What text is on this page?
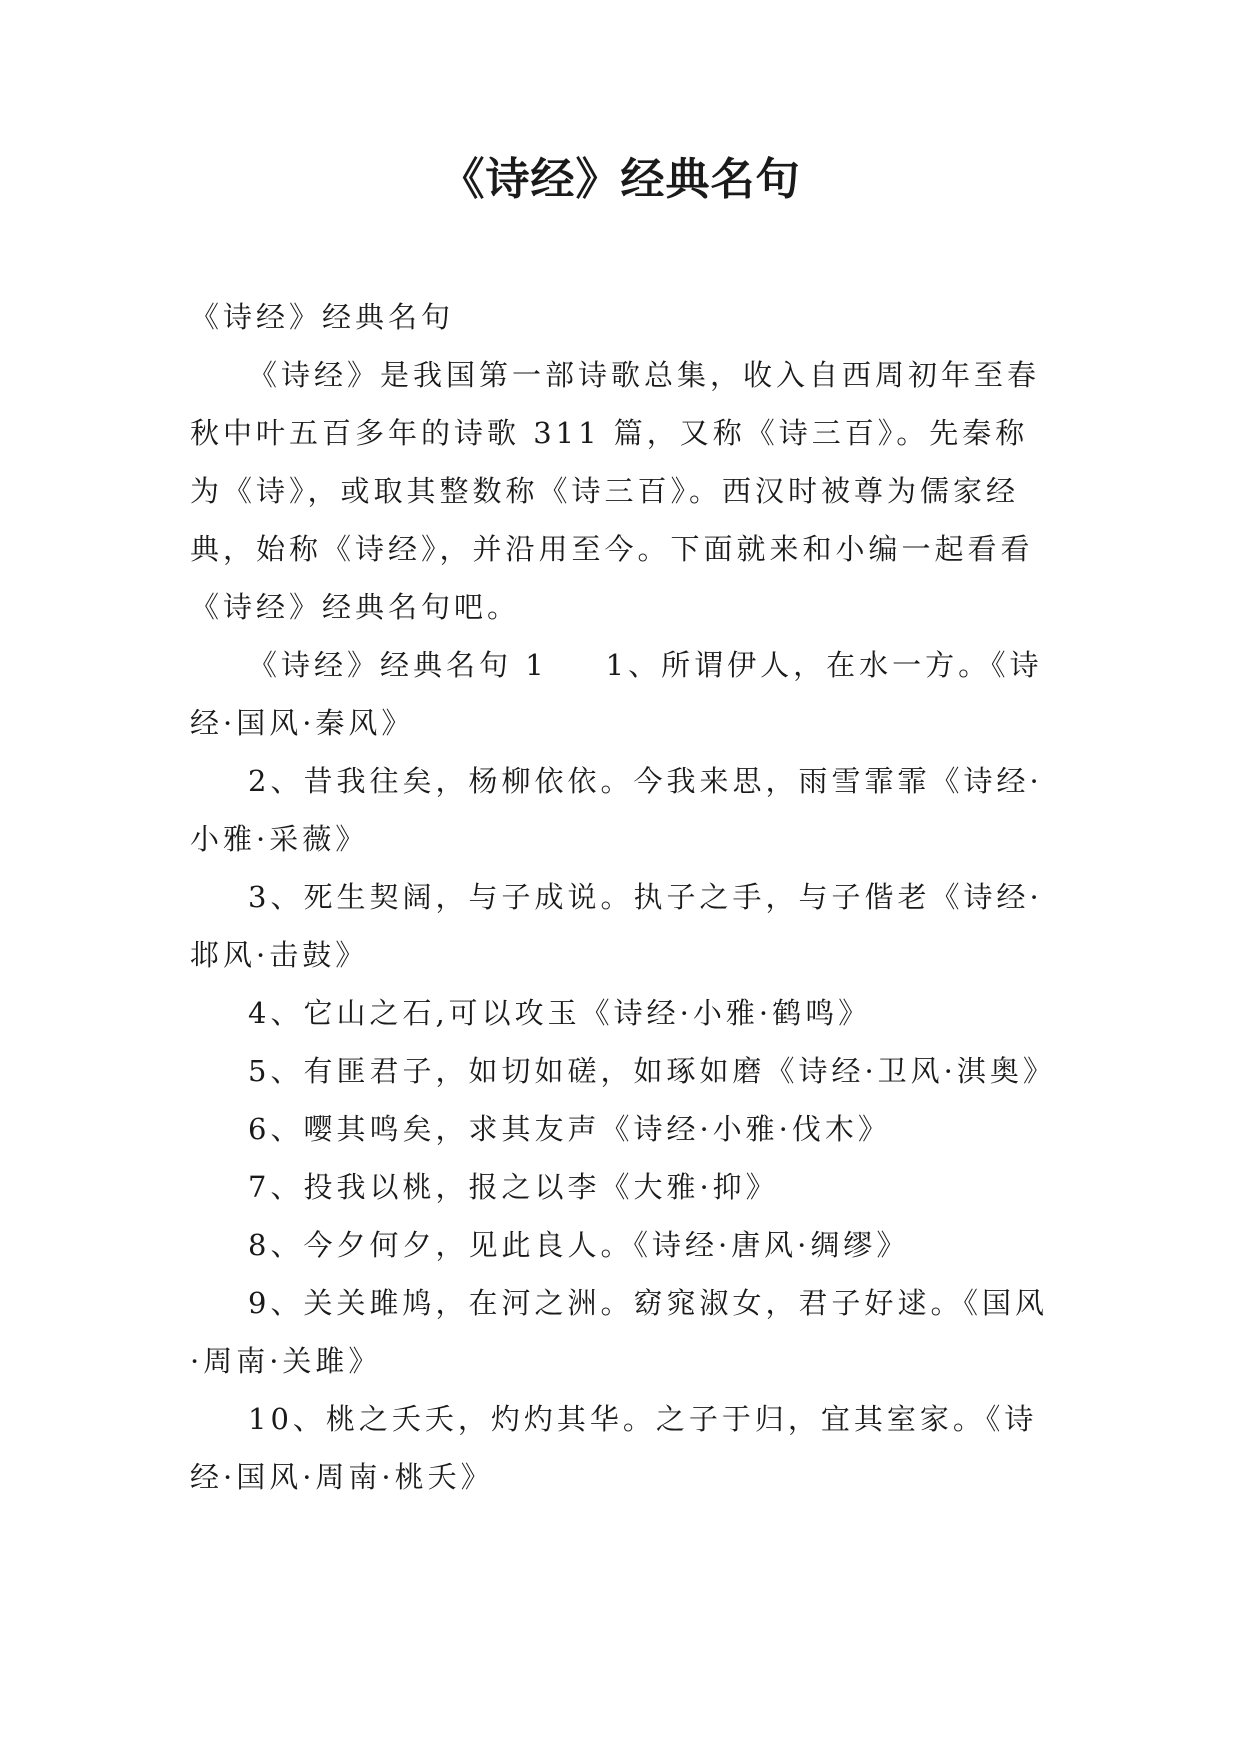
《诗经》经典名句

《诗经》经典名句

《诗经》是我国第一部诗歌总集，收入自西周初年至春秋中叶五百多年的诗歌 311 篇，又称《诗三百》。先秦称为《诗》，或取其整数称《诗三百》。西汉时被尊为儒家经典，始称《诗经》，并沿用至今。下面就来和小编一起看看《诗经》经典名句吧。

《诗经》经典名句 1 1、所谓伊人，在水一方。《诗经·国风·秦风》

2、昔我往矣，杨柳依依。今我来思，雨雪霏霏《诗经·小雅·采薇》

3、死生契阔，与子成说。执子之手，与子偕老《诗经·邶风·击鼓》

4、它山之石,可以攻玉《诗经·小雅·鹤鸣》

5、有匪君子，如切如磋，如琢如磨《诗经·卫风·淇奥》

6、嘤其鸣矣，求其友声《诗经·小雅·伐木》

7、投我以桃，报之以李《大雅·抑》

8、今夕何夕，见此良人。《诗经·唐风·绸缪》

9、关关雎鸠，在河之洲。窈窕淑女，君子好逑。《国风·周南·关雎》

10、桃之夭夭，灼灼其华。之子于归，宜其室家。《诗经·国风·周南·桃夭》
